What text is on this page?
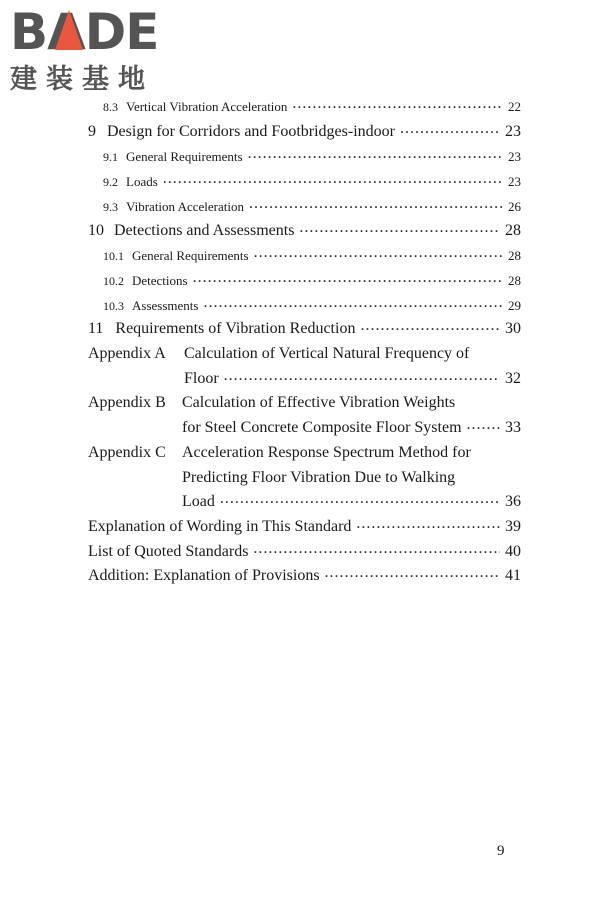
BADE
建装基地
8.3 Vertical Vibration Acceleration ·····	22
9 Design for Corridors and Footbridges-indoor ·····	23
9.1 General Requirements ·····	23
9.2 Loads ·····	23
9.3 Vibration Acceleration ·····	26
10 Detections and Assessments ·····	28
10.1 General Requirements ·····	28
10.2 Detections ·····	28
10.3 Assessments ·····	29
11 Requirements of Vibration Reduction ·····	30
Appendix A Calculation of Vertical Natural Frequency of
Floor ·····	32
Appendix B Calculation of Effective Vibration Weights
for Steel Concrete Composite Floor System ·····	33
Appendix C Acceleration Response Spectrum Method for
Predicting Floor Vibration Due to Walking
Load ·····	36
Explanation of Wording in This Standard ·····	39
List of Quoted Standards ·····	40
Addition: Explanation of Provisions ·····	41
9
